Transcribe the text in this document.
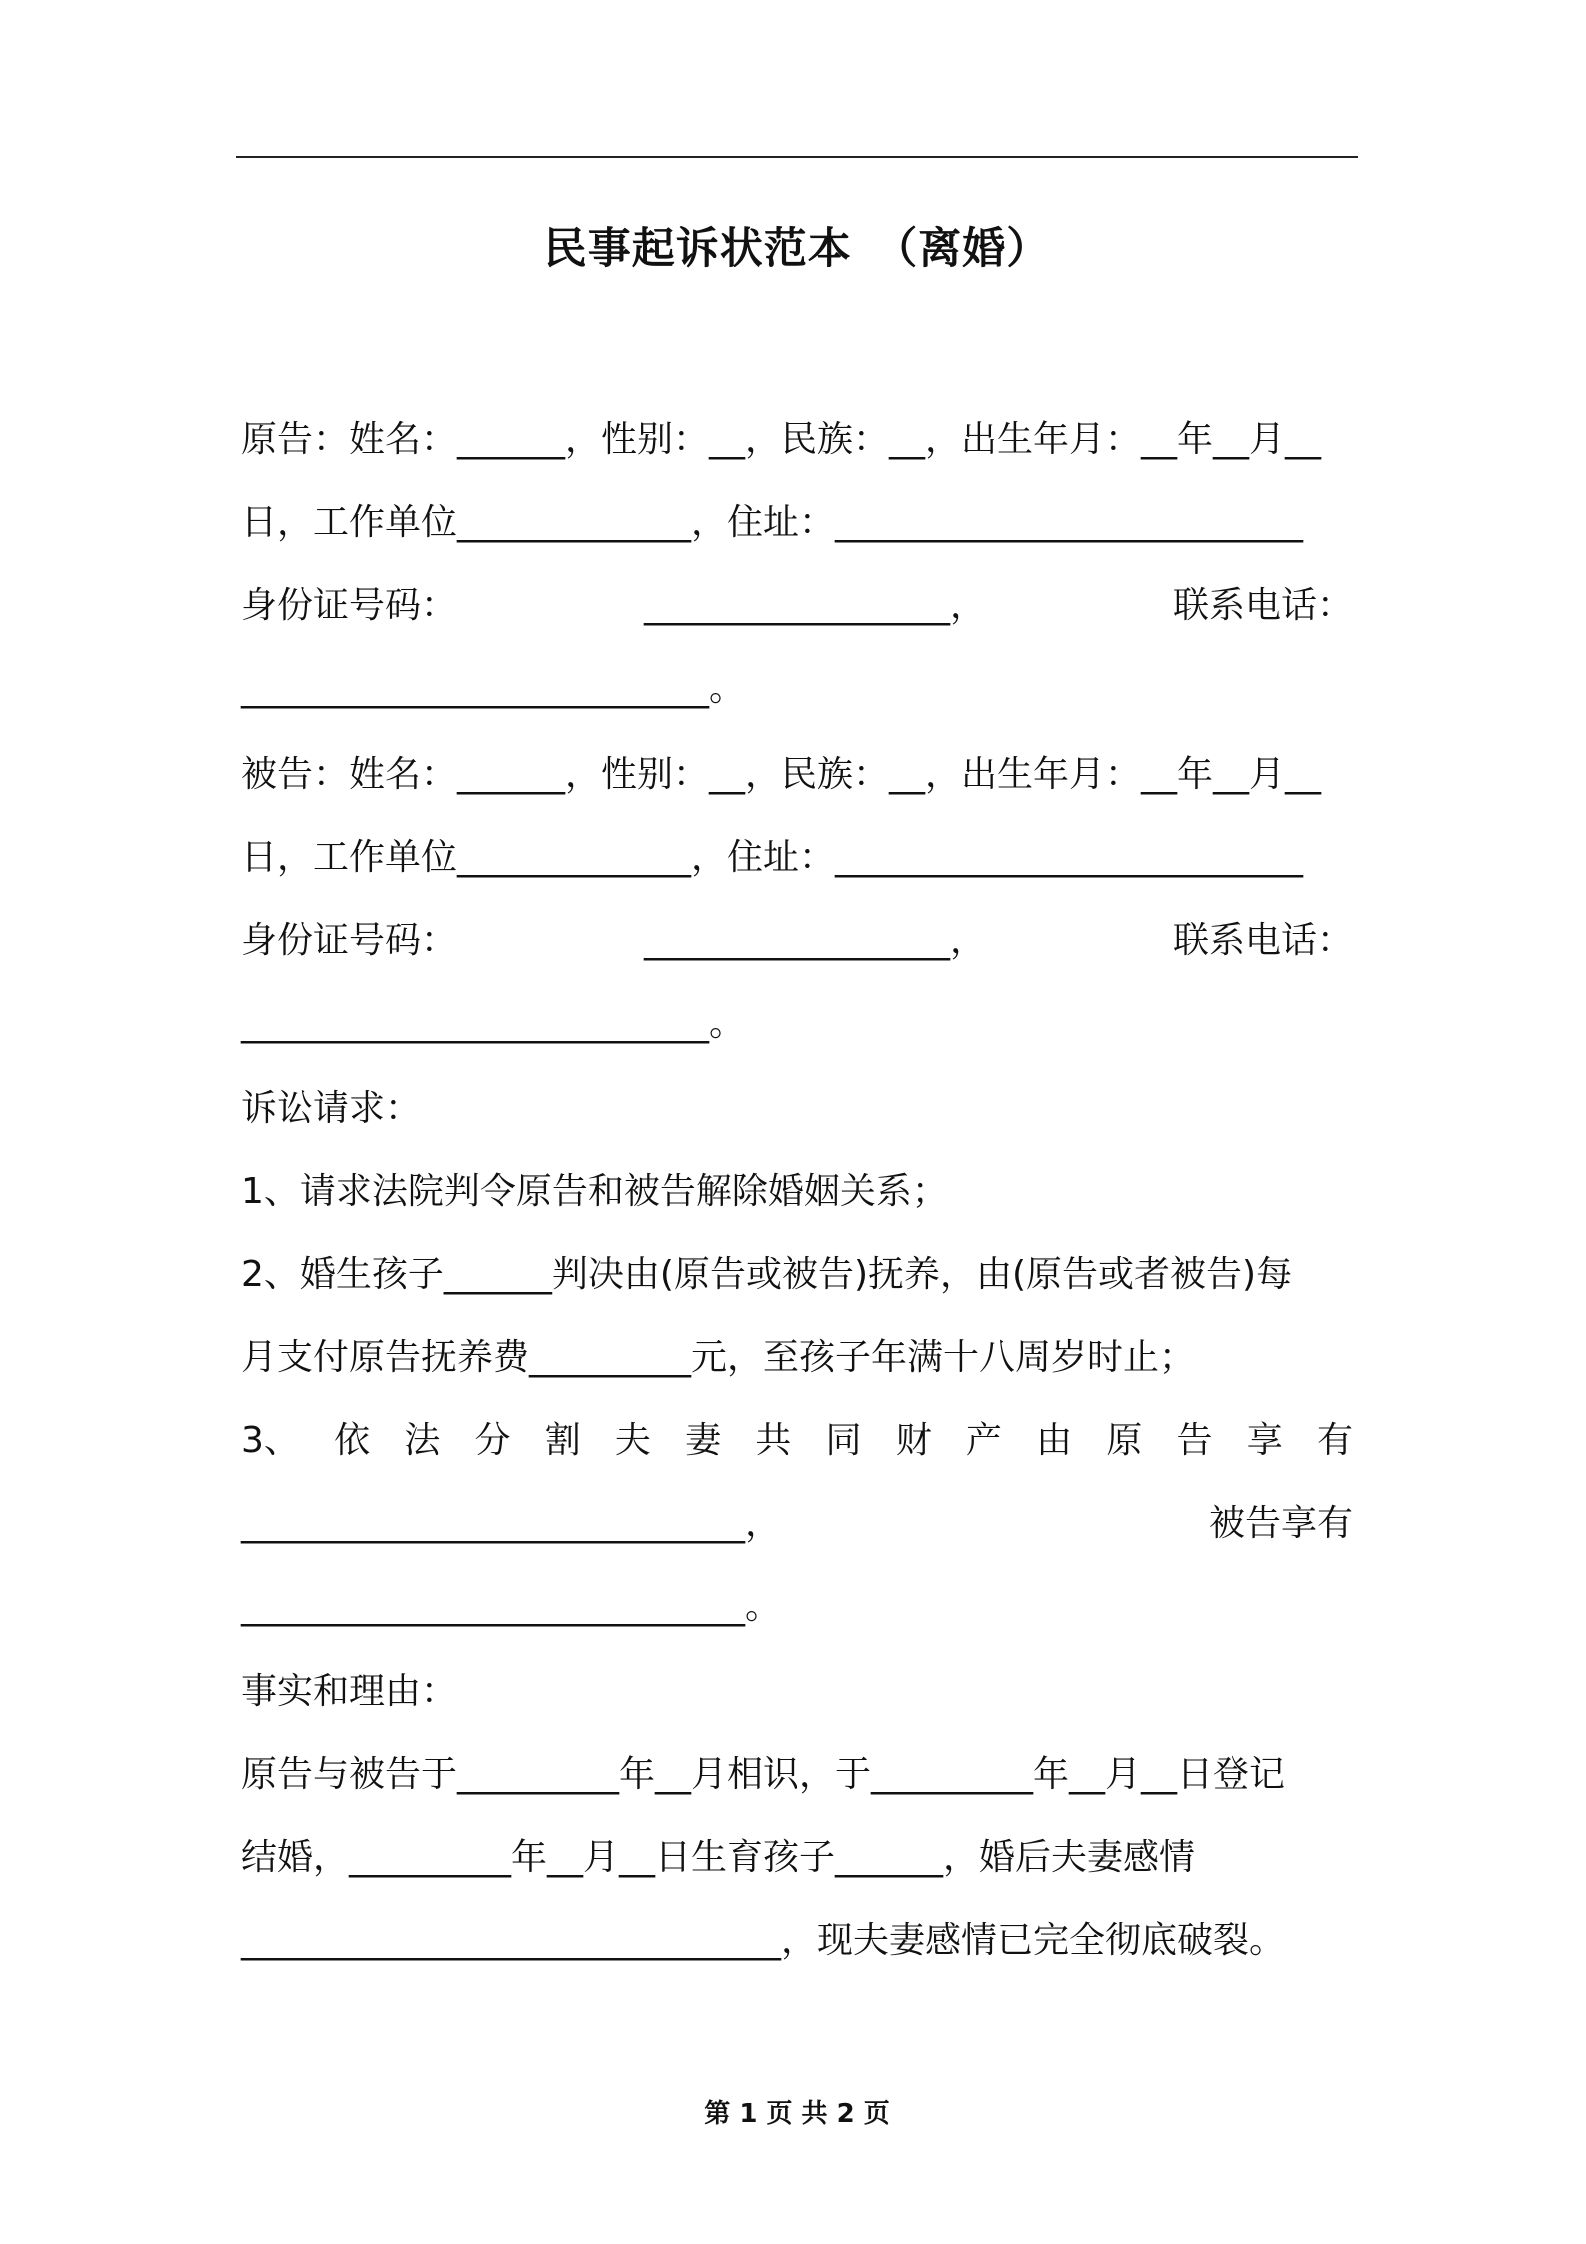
民事起诉状范本　（离婚）
原告：姓名：______，性别：__，民族：__，出生年月：__年__月__
日，工作单位_____________，住址：__________________________
身份证号码：	_________________，	联系电话：
__________________________。
被告：姓名：______，性别：__，民族：__，出生年月：__年__月__
日，工作单位_____________，住址：__________________________
身份证号码：	_________________，	联系电话：
__________________________。
诉讼请求：
1、请求法院判令原告和被告解除婚姻关系；
2、婚生孩子______判决由(原告或被告)抚养，由(原告或者被告)每
月支付原告抚养费_________元，至孩子年满十八周岁时止；
3、 依 法 分 割 夫 妻 共 同 财 产 由 原 告 享 有
____________________________，	被告享有
____________________________。
事实和理由：
原告与被告于_________年__月相识，于_________年__月__日登记
结婚，_________年__月__日生育孩子______，婚后夫妻感情
______________________________，现夫妻感情已完全彻底破裂。
第 1 页 共 2 页
